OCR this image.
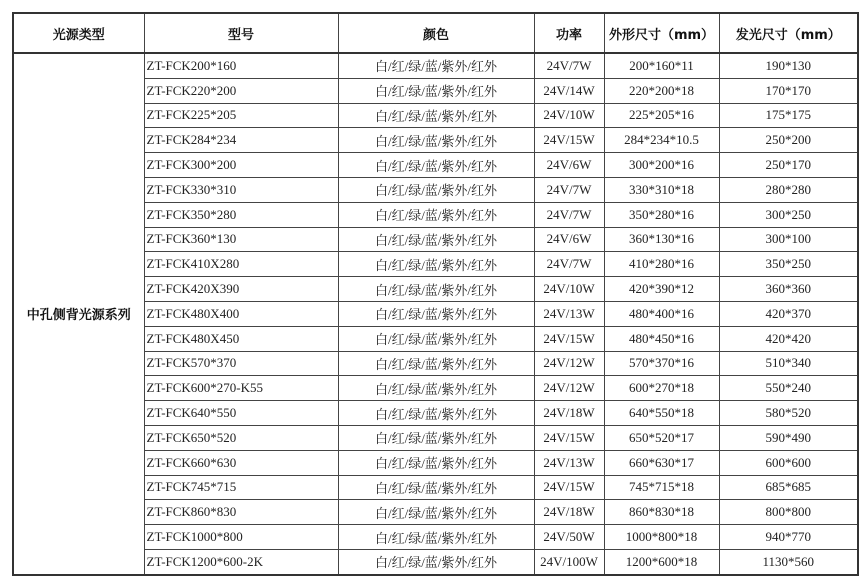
光源类型	型号	颜色	功率	外形尺寸（mm）	发光尺寸（mm）
中孔侧背光源系列	ZT-FCK200*160	白/红/绿/蓝/紫外/红外	24V/7W	200*160*11	190*130
	ZT-FCK220*200	白/红/绿/蓝/紫外/红外	24V/14W	220*200*18	170*170
	ZT-FCK225*205	白/红/绿/蓝/紫外/红外	24V/10W	225*205*16	175*175
	ZT-FCK284*234	白/红/绿/蓝/紫外/红外	24V/15W	284*234*10.5	250*200
	ZT-FCK300*200	白/红/绿/蓝/紫外/红外	24V/6W	300*200*16	250*170
	ZT-FCK330*310	白/红/绿/蓝/紫外/红外	24V/7W	330*310*18	280*280
	ZT-FCK350*280	白/红/绿/蓝/紫外/红外	24V/7W	350*280*16	300*250
	ZT-FCK360*130	白/红/绿/蓝/紫外/红外	24V/6W	360*130*16	300*100
	ZT-FCK410X280	白/红/绿/蓝/紫外/红外	24V/7W	410*280*16	350*250
	ZT-FCK420X390	白/红/绿/蓝/紫外/红外	24V/10W	420*390*12	360*360
	ZT-FCK480X400	白/红/绿/蓝/紫外/红外	24V/13W	480*400*16	420*370
	ZT-FCK480X450	白/红/绿/蓝/紫外/红外	24V/15W	480*450*16	420*420
	ZT-FCK570*370	白/红/绿/蓝/紫外/红外	24V/12W	570*370*16	510*340
	ZT-FCK600*270-K55	白/红/绿/蓝/紫外/红外	24V/12W	600*270*18	550*240
	ZT-FCK640*550	白/红/绿/蓝/紫外/红外	24V/18W	640*550*18	580*520
	ZT-FCK650*520	白/红/绿/蓝/紫外/红外	24V/15W	650*520*17	590*490
	ZT-FCK660*630	白/红/绿/蓝/紫外/红外	24V/13W	660*630*17	600*600
	ZT-FCK745*715	白/红/绿/蓝/紫外/红外	24V/15W	745*715*18	685*685
	ZT-FCK860*830	白/红/绿/蓝/紫外/红外	24V/18W	860*830*18	800*800
	ZT-FCK1000*800	白/红/绿/蓝/紫外/红外	24V/50W	1000*800*18	940*770
	ZT-FCK1200*600-2K	白/红/绿/蓝/紫外/红外	24V/100W	1200*600*18	1130*560
